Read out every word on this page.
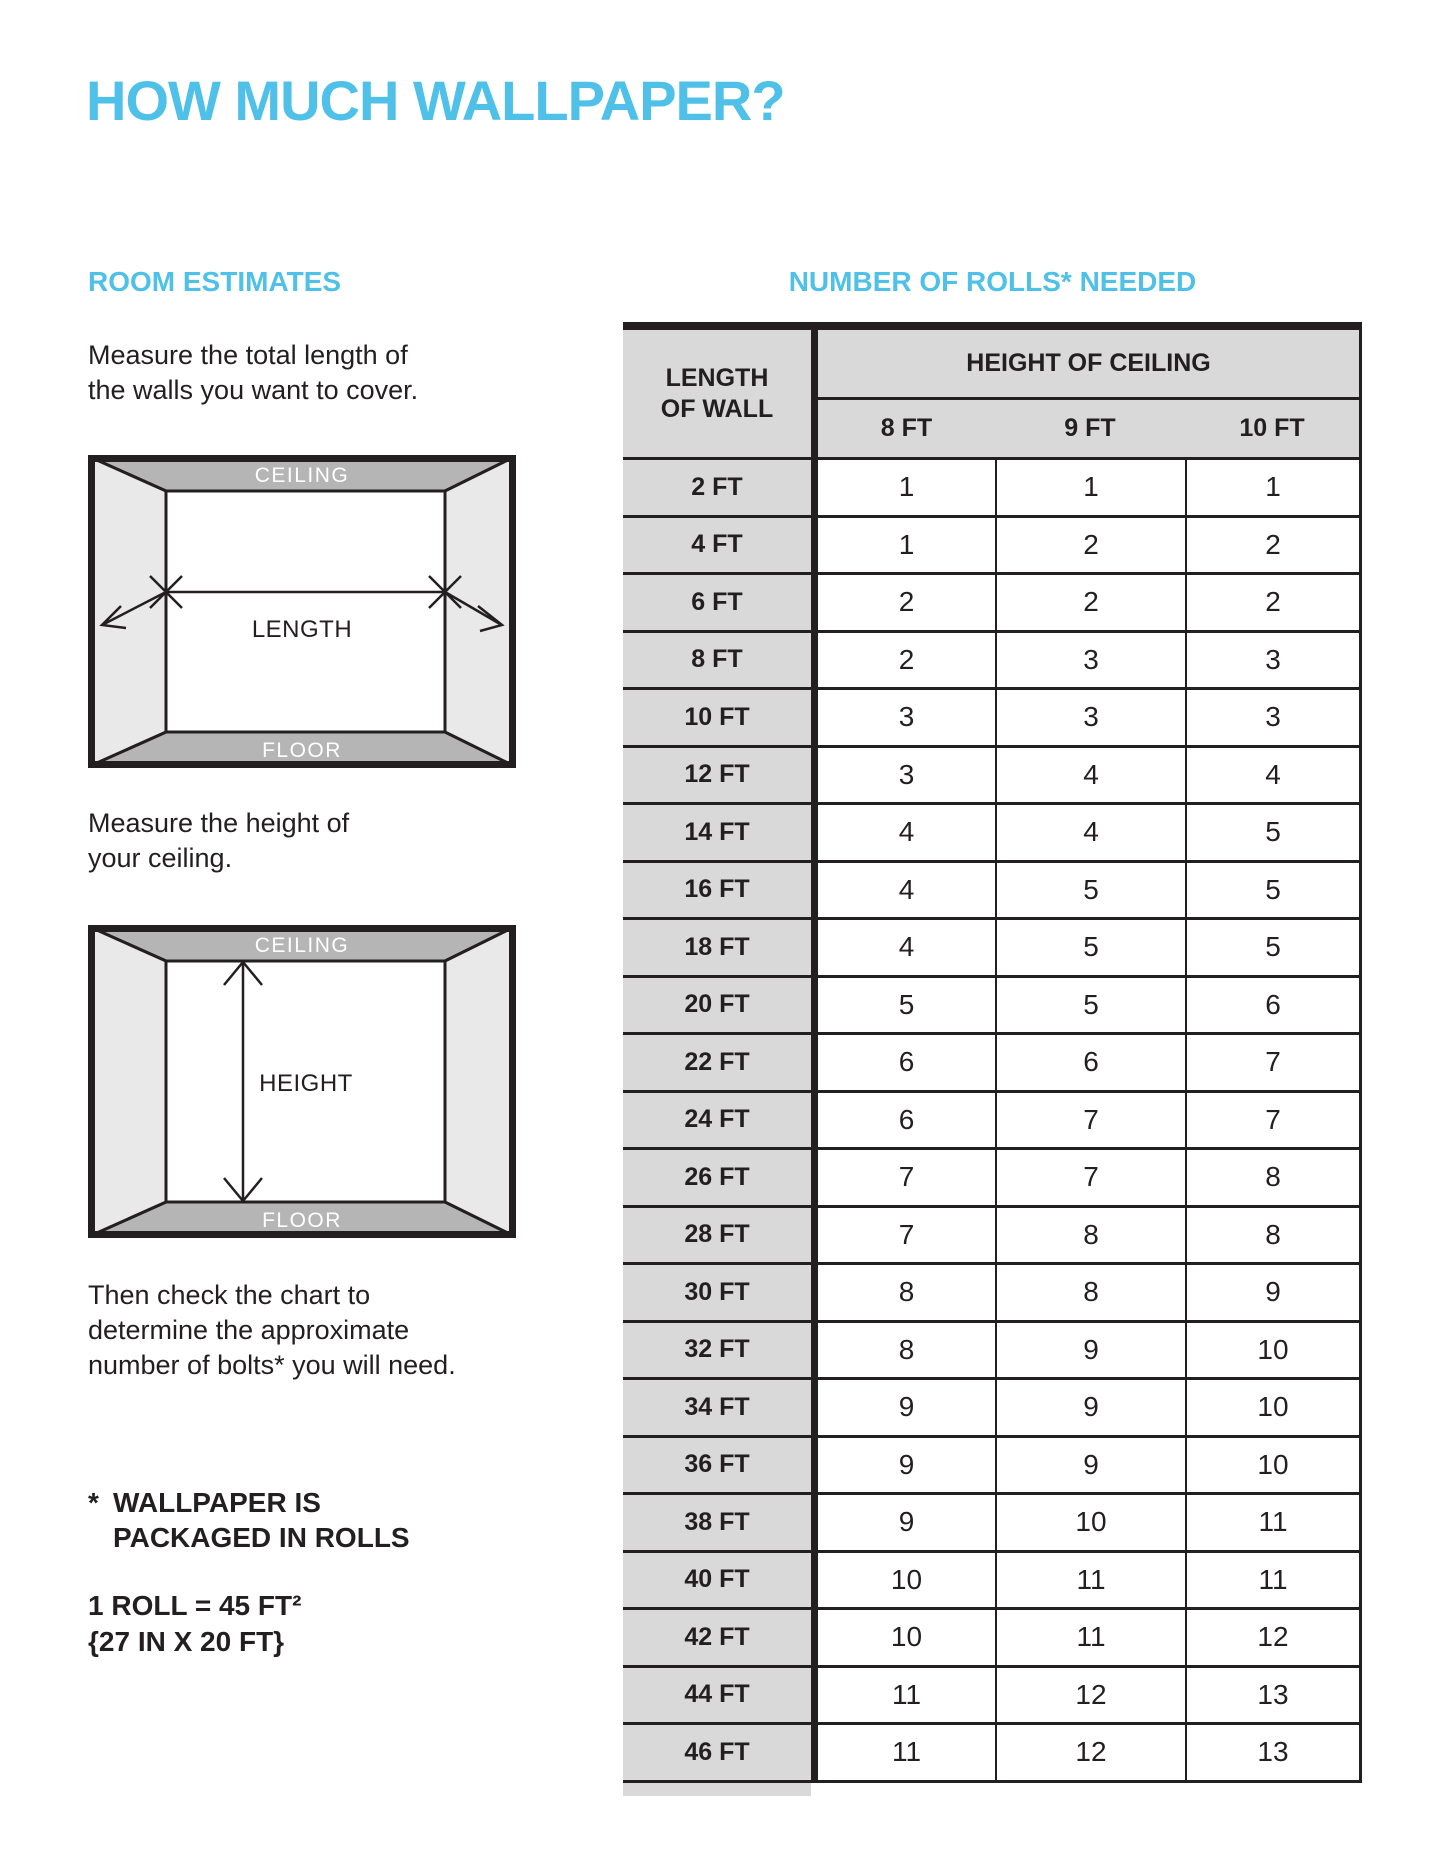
HOW MUCH WALLPAPER?
ROOM ESTIMATES
Measure the total length of
the walls you want to cover.
CEILING
FLOOR
LENGTH
Measure the height of
your ceiling.
CEILING
FLOOR
HEIGHT
Then check the chart to
determine the approximate
number of bolts* you will need.
* WALLPAPER IS
PACKAGED IN ROLLS
1 ROLL = 45 FT²
{27 IN X 20 FT}
NUMBER OF ROLLS* NEEDED
LENGTH
OF WALL
HEIGHT OF CEILING
8 FT	9 FT	10 FT
2 FT	1	1	1
4 FT	1	2	2
6 FT	2	2	2
8 FT	2	3	3
10 FT	3	3	3
12 FT	3	4	4
14 FT	4	4	5
16 FT	4	5	5
18 FT	4	5	5
20 FT	5	5	6
22 FT	6	6	7
24 FT	6	7	7
26 FT	7	7	8
28 FT	7	8	8
30 FT	8	8	9
32 FT	8	9	10
34 FT	9	9	10
36 FT	9	9	10
38 FT	9	10	11
40 FT	10	11	11
42 FT	10	11	12
44 FT	11	12	13
46 FT	11	12	13
